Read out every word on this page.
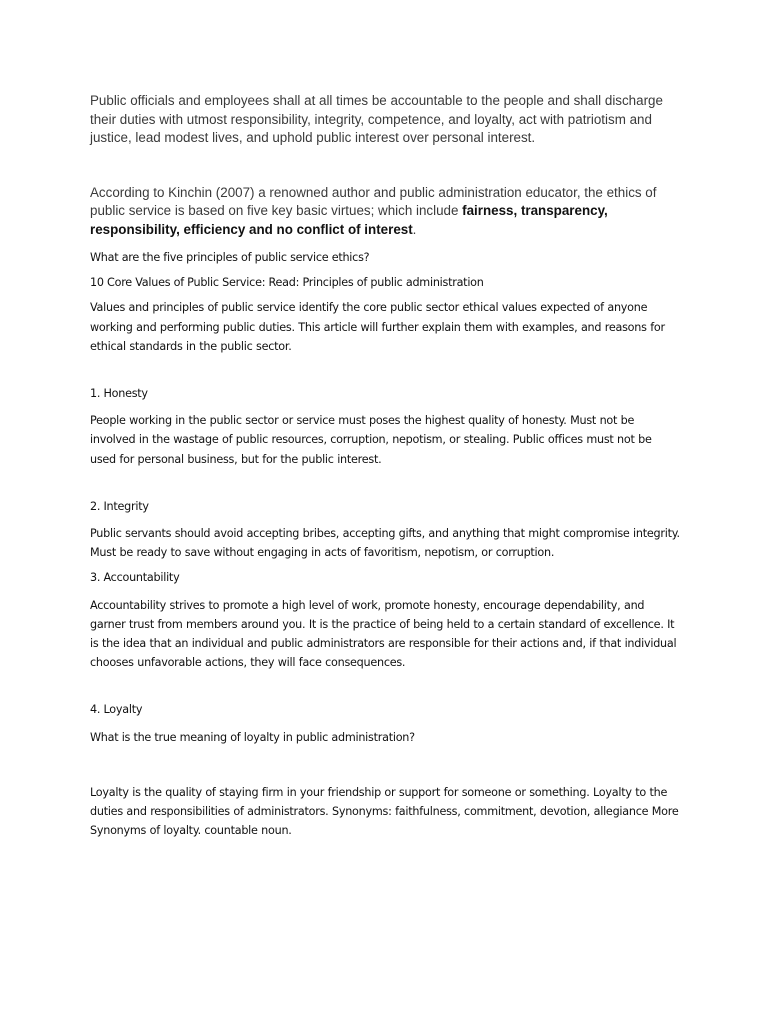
Public officials and employees shall at all times be accountable to the people and shall discharge their duties with utmost responsibility, integrity, competence, and loyalty, act with patriotism and justice, lead modest lives, and uphold public interest over personal interest.

According to Kinchin (2007) a renowned author and public administration educator, the ethics of public service is based on five key basic virtues; which include fairness, transparency, responsibility, efficiency and no conflict of interest.

What are the five principles of public service ethics?

10 Core Values of Public Service: Read: Principles of public administration

Values and principles of public service identify the core public sector ethical values expected of anyone working and performing public duties. This article will further explain them with examples, and reasons for ethical standards in the public sector.

1. Honesty

People working in the public sector or service must poses the highest quality of honesty. Must not be involved in the wastage of public resources, corruption, nepotism, or stealing. Public offices must not be used for personal business, but for the public interest.

2. Integrity

Public servants should avoid accepting bribes, accepting gifts, and anything that might compromise integrity. Must be ready to save without engaging in acts of favoritism, nepotism, or corruption.

3. Accountability

Accountability strives to promote a high level of work, promote honesty, encourage dependability, and garner trust from members around you. It is the practice of being held to a certain standard of excellence. It is the idea that an individual and public administrators are responsible for their actions and, if that individual chooses unfavorable actions, they will face consequences.

4. Loyalty

What is the true meaning of loyalty in public administration?

Loyalty is the quality of staying firm in your friendship or support for someone or something. Loyalty to the duties and responsibilities of administrators. Synonyms: faithfulness, commitment, devotion, allegiance More Synonyms of loyalty. countable noun.
